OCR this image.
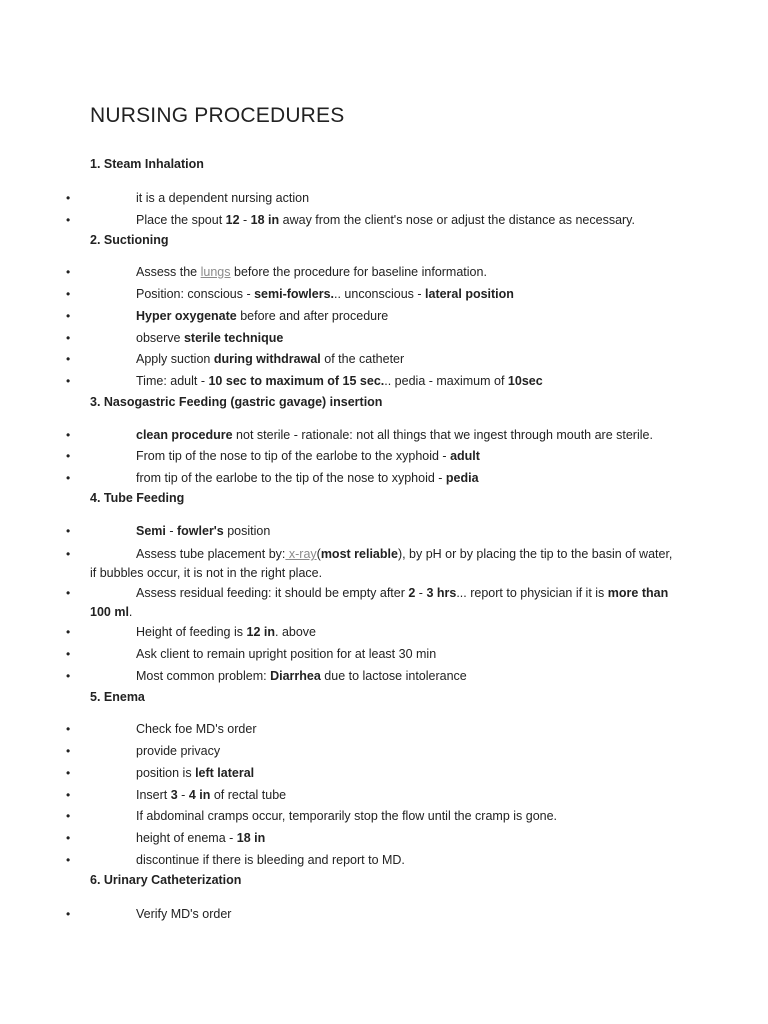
NURSING PROCEDURES
1. Steam Inhalation
•	it is a dependent nursing action
•	Place the spout 12 - 18 in away from the client's nose or adjust the distance as necessary.
2. Suctioning
•	Assess the lungs before the procedure for baseline information.
•	Position: conscious - semi-fowlers... unconscious - lateral position
•	Hyper oxygenate before and after procedure
•	observe sterile technique
•	Apply suction during withdrawal of the catheter
•	Time: adult - 10 sec to maximum of 15 sec... pedia - maximum of 10sec
3. Nasogastric Feeding (gastric gavage) insertion
•	clean procedure not sterile - rationale: not all things that we ingest through mouth are sterile.
•	From tip of the nose to tip of the earlobe to the xyphoid - adult
•	from tip of the earlobe to the tip of the nose to xyphoid - pedia
4. Tube Feeding
•	Semi - fowler's position
•	Assess tube placement by: x-ray(most reliable), by pH or by placing the tip to the basin of water,
if bubbles occur, it is not in the right place.
•	Assess residual feeding: it should be empty after 2 - 3 hrs... report to physician if it is more than
100 ml.
•	Height of feeding is 12 in. above
•	Ask client to remain upright position for at least 30 min
•	Most common problem: Diarrhea due to lactose intolerance
5. Enema
•	Check foe MD's order
•	provide privacy
•	position is left lateral
•	Insert 3 - 4 in of rectal tube
•	If abdominal cramps occur, temporarily stop the flow until the cramp is gone.
•	height of enema - 18 in
•	discontinue if there is bleeding and report to MD.
6. Urinary Catheterization
•	Verify MD's order
